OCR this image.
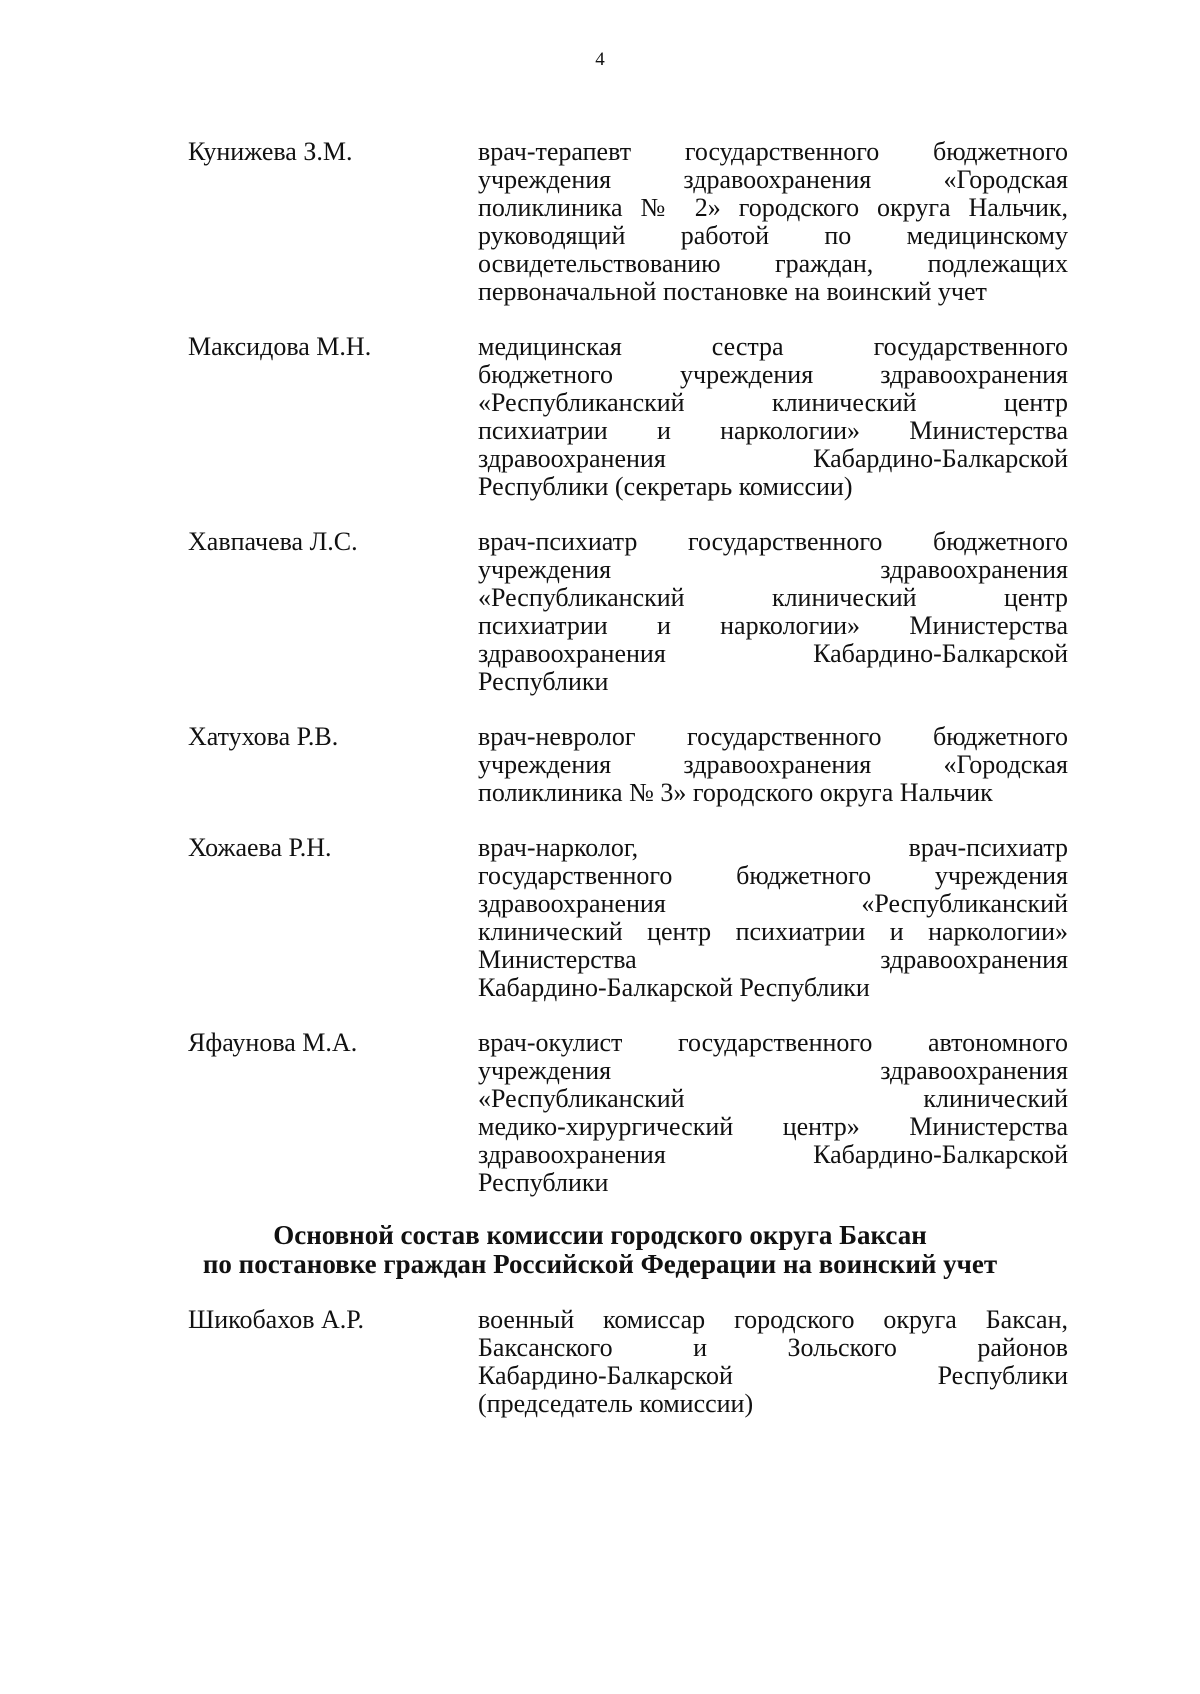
4
Кунижева З.М.	врач-терапевт государственного бюджетного
учреждения здравоохранения «Городская
поликлиника № 2» городского округа Нальчик,
руководящий работой по медицинскому
освидетельствованию граждан, подлежащих
первоначальной постановке на воинский учет
Максидова М.Н.	медицинская сестра государственного
бюджетного учреждения здравоохранения
«Республиканский клинический центр
психиатрии и наркологии» Министерства
здравоохранения Кабардино-Балкарской
Республики (секретарь комиссии)
Хавпачева Л.С.	врач-психиатр государственного бюджетного
учреждения здравоохранения
«Республиканский клинический центр
психиатрии и наркологии» Министерства
здравоохранения Кабардино-Балкарской
Республики
Хатухова Р.В.	врач-невролог государственного бюджетного
учреждения здравоохранения «Городская
поликлиника № 3» городского округа Нальчик
Хожаева Р.Н.	врач-нарколог, врач-психиатр
государственного бюджетного учреждения
здравоохранения «Республиканский
клинический центр психиатрии и наркологии»
Министерства здравоохранения
Кабардино-Балкарской Республики
Яфаунова М.А.	врач-окулист государственного автономного
учреждения здравоохранения
«Республиканский клинический
медико-хирургический центр» Министерства
здравоохранения Кабардино-Балкарской
Республики
Основной состав комиссии городского округа Баксан
по постановке граждан Российской Федерации на воинский учет
Шикобахов А.Р.	военный комиссар городского округа Баксан,
Баксанского и Зольского районов
Кабардино-Балкарской Республики
(председатель комиссии)
